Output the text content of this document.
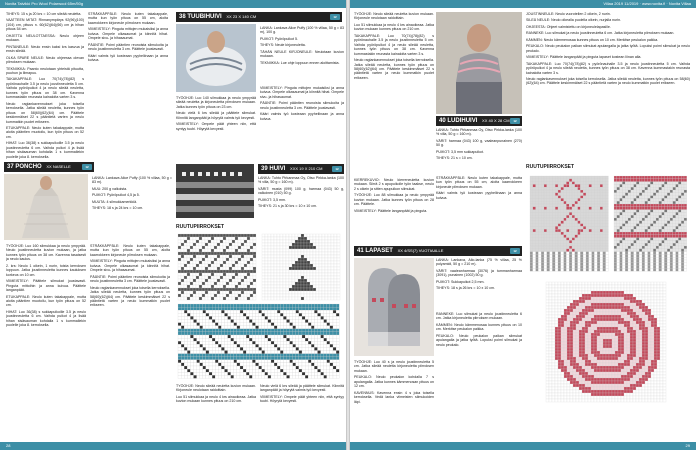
Novita Talvikki Pro Wool Polarwool 65m/50g	Villaa 2019 11/2019 · www.novita.fi · Novita Villaa

TIHEYS: 15 s ja 20 krs = 10 cm sileää neuletta.

VAATTEEN MITAT: Rinnanympärys 92(96)(100)(104) cm, pituus n. 60(62)(64)(66) cm ja hihan pituus 54 cm.

OHJETTA NEULOTTAESSA: Neulo ohjeen mukaan.

PINTANEULE: Neulo ensin kaksi krs kasvua ja ensin sileää.

OLKA SPARE NEULE: Neulo ohjeessa olevan piirroksen mukaan.

TEKNIIKKA: Paanto neulotaan yhteistä pituutta, puuhun ja liimapuu.

TAKAKAPPALE: Luo 70(74)(78)(82) s pyörönauhalle 3.5 ja neulo joustinneuletta 5 cm. Vaihda pyöröpuikot 4 ja neulo sileää neuletta, kunnes työn pituus on 38 cm. Kavenna kummastakin reunasta kainaloita varten 3 s.

Neulo raglankavennukset joka toisella kerroksella. Jatka sileää neuletta, kunnes työn pituus on 58(60)(62)(64) cm. Päättele keskimmäiset 22 s pääntietä varten ja neulo kummatkin puolet erikseen.

ETUKAPPALE: Neulo kuten takakappale, mutta aloita pääntien muotoilu, kun työn pituus on 52 cm.

HIHAT: Luo 36(38) s sukkapuikoille 3.5 ja neulo joustinneuletta 6 cm. Vaihda puikot 4 ja lisää hihan sisäsauman kohdalla 1 s kummallekin puolelle joka 8. kerroksella.

STRÅKKÄPPÅLE: Neulo kuten takakappale, mutta kun työn pituus on 55 cm, aloita kaarrokkeen kirjoneule piirroksen mukaan.

VIIMEISTELY: Pinguta mittojen mukaisiksi ja anna kuivua. Ompele olkasaumat ja kiinnitä hihat. Ompele sivu- ja hihasaumat.

PÄÄNTIE: Poimi pääntien reunoista silmukoita ja neulo joustinneuletta 3 cm. Päättele joustavasti.

Kääri valmis työ kosteaan pyyheliinaan ja anna kuivua.

37 PONCHO XX NASELLE	12

LANKA: Lankava Alice Puffy (100 % villaa, 50 g = 83 m).

MUU: 200 g valkoista.

PUIKOT: Pyöröpuikot 4,5 ja 5.

MUUTA: 4 silmukkamerkkiä.

TIHEYS: 18 s ja 24 krs = 10 cm.

TYÖOHJE: Luo 160 silmukkaa ja neulo ympyrää. Neulo joustinneuletta kuvion mukaan, ja jatka kunnes työn pituus on 38 cm. Kavenna tasaisesti ja neulo kaulus.

2. krs: Neulo 1 oikein, 1 nurin, toista kerroksen loppuun. Jatka joustinneuletta kunnes kauluksen korkeus on 10 cm.

VIIMEISTELY: Päättele silmukat joustavasti. Pinguta mittoihin ja anna kuivua. Päättele langanpäät.

ETUKAPPALE: Neulo kuten takakappale, mutta aloita pääntien muotoilu, kun työn pituus on 52 cm.

HIHAT: Luo 36(38) s sukkapuikoille 3.5 ja neulo joustinneuletta 6 cm. Vaihda puikot 4 ja lisää hihan sisäsauman kohdalla 1 s kummallekin puolelle joka 8. kerroksella.

STRÅKKÄPPÅLE: Neulo kuten takakappale, mutta kun työn pituus on 55 cm, aloita kaarrokkeen kirjoneule piirroksen mukaan.

VIIMEISTELY: Pinguta mittojen mukaisiksi ja anna kuivua. Ompele olkasaumat ja kiinnitä hihat. Ompele sivu- ja hihasaumat.

PÄÄNTIE: Poimi pääntien reunoista silmukoita ja neulo joustinneuletta 3 cm. Päättele joustavasti.

Neulo raglankavennukset joka toisella kerroksella. Jatka sileää neuletta, kunnes työn pituus on 58(60)(62)(64) cm. Päättele keskimmäiset 22 s pääntietä varten ja neulo kummatkin puolet erikseen.

38 TUUBIHUIVI XX 23 X 140 CM	12

LANKA: Lankava Alice Puffy (100 % villaa, 50 g = 83 m), 100 g.

PUIKOT: Pyöröpuikot 5.

TIHEYS: Neule kirjoneuletta.

TÄHÄN NEULE KIRJONEULE: Neulotaan kuvion mukaan.

TEKNIIKKA: Lue ohje loppuun ennen aloittamista.

TYÖOHJE: Luo 140 silmukkaa ja neulo ympyrää sileää neuletta ja kirjoneuletta piirroksen mukaan. Jatka kunnes työn pituus on 23 cm.

Neulo vielä 6 krs sileää ja päättele silmukat. Kiinnitä langanpäät ja höyrytä valmis työ kevyesti.

VIIMEISTELY: Ompele päät yhteen niin, että syntyy tuubi. Höyrytä kevyesti.

VIIMEISTELY: Pinguta mittojen mukaisiksi ja anna kuivua. Ompele olkasaumat ja kiinnitä hihat. Ompele sivu- ja hihasaumat.

PÄÄNTIE: Poimi pääntien reunoista silmukoita ja neulo joustinneuletta 3 cm. Päättele joustavasti.

Kääri valmis työ kosteaan pyyheliinaan ja anna kuivua.

39 HUIVI XXX 19 X 210 CM	12

LANKA: Tuhto Pirkanmaa Oy, Otso Pirkka-lanka (100 % villa, 50 g = 160 m).

VÄRIT: musta (099) 100 g, harmaa (043) 50 g, valkoinen (010) 50 g.

PUIKOT: 3,5 mm.

TIHEYS: 21 s ja 30 krs = 10 x 10 cm.

RUUTUPIIRROKSET

TYÖOHJE: Neulo sileää neuletta kuvion mukaan. Kirjoneule neulotaan raidoittain.

Luo 51 silmukkaa ja neulo 4 krs ainaoikeaa. Jatka kuvion mukaan kunnes pituus on 210 cm.

Neulo vielä 6 krs sileää ja päättele silmukat. Kiinnitä langanpäät ja höyrytä valmis työ kevyesti.

VIIMEISTELY: Ompele päät yhteen niin, että syntyy tuubi. Höyrytä kevyesti.

TYÖOHJE: Neulo sileää neuletta kuvion mukaan. Kirjoneule neulotaan raidoittain.

Luo 51 silmukkaa ja neulo 4 krs ainaoikeaa. Jatka kuvion mukaan kunnes pituus on 210 cm.

TAKAKAPPALE: Luo 70(74)(78)(82) s pyörönauhalle 3.5 ja neulo joustinneuletta 5 cm. Vaihda pyöröpuikot 4 ja neulo sileää neuletta, kunnes työn pituus on 38 cm. Kavenna kummastakin reunasta kainaloita varten 3 s.

Neulo raglankavennukset joka toisella kerroksella. Jatka sileää neuletta, kunnes työn pituus on 58(60)(62)(64) cm. Päättele keskimmäiset 22 s pääntietä varten ja neulo kummatkin puolet erikseen.

40 LUDIHUIVI XX 40 X 28 CM	12

LANKA: Tuhto Pirkanmaa Oy, Otso Pirkka-lanka (100 % villa, 50 g = 160 m).

VÄRIT: harmaa (043) 100 g, vaaleanpunainen (270) 50 g.

PUIKOT: 3,5 mm sukkapuikot.

TIHEYS: 21 s = 10 cm.

KIERREKUVIO: Neulo kierreneuletta kuvion mukaan. Siirrä 2 s apupuikolle työn taakse, neulo 2 s oikein ja sitten apupuikon silmukat.

TYÖOHJE: Luo 88 silmukkaa ja neulo ympyrää kuvion mukaan. Jatka kunnes työn pituus on 28 cm. Päättele.

VIIMEISTELY: Päättele langanpäät ja pinguta.

STRÅKKÄPPÅLE: Neulo kuten takakappale, mutta kun työn pituus on 55 cm, aloita kaarrokkeen kirjoneule piirroksen mukaan.

Kääri valmis työ kosteaan pyyheliinaan ja anna kuivua.

41 LAPASET XX 4/SS(7) VUOTIAALLE	12

LANKA: Lankava, Alio-lanka (75 % villaa, 25 % polyamidi, 50 g = 210 m).

VÄRIT: vaaleanharmaa (3076) ja tummanharmaa (3091), punainen (1002) 50 g.

PUIKOT: Sukkapuikot 2,5 mm.

TIHEYS: 18 s ja 26 krs = 10 x 10 cm.

TYÖOHJE: Luo 40 s ja neulo joustinneuletta 5 cm. Jatka sileää neuletta kirjoneuletta piirroksen mukaan.

PEUKALO: Neulo peukalon kohdalla 7 s apulangalla. Jatka kunnes kämmenosan pituus on 12 cm.

KAVENNUS: Kavenna ensin 4 s joka toisella kerroksella. Vedä lanka viimeisten silmukoiden läpi.

RANNEKE: Luo silmukat ja neulo joustinneuletta 6 cm. Jatka kirjoneuletta piirroksen mukaan.

KÄMMEN: Neulo kämmenosaa kunnes pituus on 10 cm. Merkitse peukalon paikka.

PEUKALO: Neulo peukalon paikan silmukat apulangalla ja jatka työtä. Lopuksi poimi silmukat ja neulo peukalo.

JOUSTINNEULE: Neulo vuorotellen 2 oikein, 2 nurin.

SILEÄ NEULE: Neulo oikealla puolella oikein, nurjalla nurin.

OHJEESTA: Ohjeet valmistettu on kirjoneulelapasille.

RANNEKE: Luo silmukat ja neulo joustinneuletta 6 cm. Jatka kirjoneuletta piirroksen mukaan.

KÄMMEN: Neulo kämmenosaa kunnes pituus on 10 cm. Merkitse peukalon paikka.

PEUKALO: Neulo peukalon paikan silmukat apulangalla ja jatka työtä. Lopuksi poimi silmukat ja neulo peukalo.

VIIMEISTELY: Päättele langanpäät ja pinguta lapaset kostean liinan alla.

TAKAKAPPALE: Luo 70(74)(78)(82) s pyörönauhalle 3.5 ja neulo joustinneuletta 5 cm. Vaihda pyöröpuikot 4 ja neulo sileää neuletta, kunnes työn pituus on 38 cm. Kavenna kummastakin reunasta kainaloita varten 3 s.

Neulo raglankavennukset joka toisella kerroksella. Jatka sileää neuletta, kunnes työn pituus on 58(60)(62)(64) cm. Päättele keskimmäiset 22 s pääntietä varten ja neulo kummatkin puolet erikseen.

RUUTUPIIRROKSET
28	29
